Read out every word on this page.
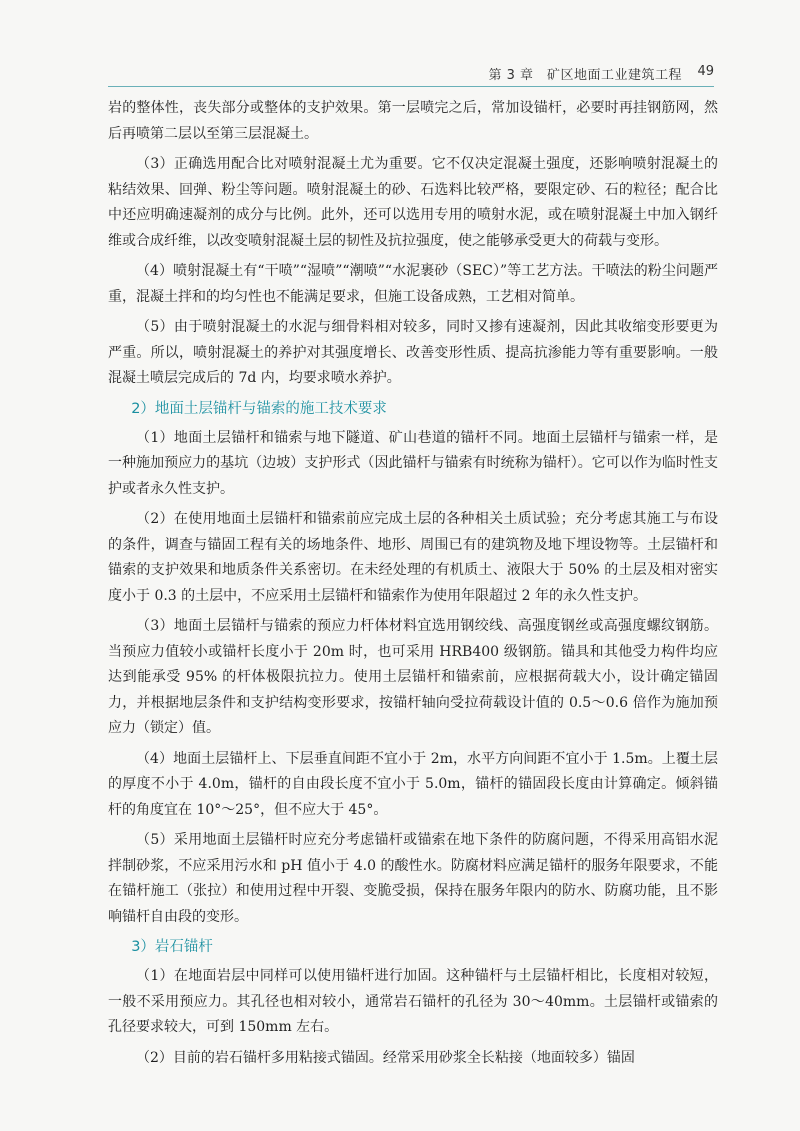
第 3 章　矿区地面工业建筑工程 49

岩的整体性，丧失部分或整体的支护效果。第一层喷完之后，常加设锚杆，必要时再挂钢筋网，然后再喷第二层以至第三层混凝土。

（3）正确选用配合比对喷射混凝土尤为重要。它不仅决定混凝土强度，还影响喷射混凝土的粘结效果、回弹、粉尘等问题。喷射混凝土的砂、石选料比较严格，要限定砂、石的粒径；配合比中还应明确速凝剂的成分与比例。此外，还可以选用专用的喷射水泥，或在喷射混凝土中加入钢纤维或合成纤维，以改变喷射混凝土层的韧性及抗拉强度，使之能够承受更大的荷载与变形。

（4）喷射混凝土有“干喷”“湿喷”“潮喷”“水泥裹砂（SEC）”等工艺方法。干喷法的粉尘问题严重，混凝土拌和的均匀性也不能满足要求，但施工设备成熟，工艺相对简单。

（5）由于喷射混凝土的水泥与细骨料相对较多，同时又掺有速凝剂，因此其收缩变形要更为严重。所以，喷射混凝土的养护对其强度增长、改善变形性质、提高抗渗能力等有重要影响。一般混凝土喷层完成后的 7d 内，均要求喷水养护。

2）地面土层锚杆与锚索的施工技术要求

（1）地面土层锚杆和锚索与地下隧道、矿山巷道的锚杆不同。地面土层锚杆与锚索一样，是一种施加预应力的基坑（边坡）支护形式（因此锚杆与锚索有时统称为锚杆）。它可以作为临时性支护或者永久性支护。

（2）在使用地面土层锚杆和锚索前应完成土层的各种相关土质试验；充分考虑其施工与布设的条件，调查与锚固工程有关的场地条件、地形、周围已有的建筑物及地下埋设物等。土层锚杆和锚索的支护效果和地质条件关系密切。在未经处理的有机质土、液限大于 50% 的土层及相对密实度小于 0.3 的土层中，不应采用土层锚杆和锚索作为使用年限超过 2 年的永久性支护。

（3）地面土层锚杆与锚索的预应力杆体材料宜选用钢绞线、高强度钢丝或高强度螺纹钢筋。当预应力值较小或锚杆长度小于 20m 时，也可采用 HRB400 级钢筋。锚具和其他受力构件均应达到能承受 95% 的杆体极限抗拉力。使用土层锚杆和锚索前，应根据荷载大小，设计确定锚固力，并根据地层条件和支护结构变形要求，按锚杆轴向受拉荷载设计值的 0.5～0.6 倍作为施加预应力（锁定）值。

（4）地面土层锚杆上、下层垂直间距不宜小于 2m，水平方向间距不宜小于 1.5m。上覆土层的厚度不小于 4.0m，锚杆的自由段长度不宜小于 5.0m，锚杆的锚固段长度由计算确定。倾斜锚杆的角度宜在 10°～25°，但不应大于 45°。

（5）采用地面土层锚杆时应充分考虑锚杆或锚索在地下条件的防腐问题，不得采用高铝水泥拌制砂浆，不应采用污水和 pH 值小于 4.0 的酸性水。防腐材料应满足锚杆的服务年限要求，不能在锚杆施工（张拉）和使用过程中开裂、变脆受损，保持在服务年限内的防水、防腐功能，且不影响锚杆自由段的变形。

3）岩石锚杆

（1）在地面岩层中同样可以使用锚杆进行加固。这种锚杆与土层锚杆相比，长度相对较短，一般不采用预应力。其孔径也相对较小，通常岩石锚杆的孔径为 30～40mm。土层锚杆或锚索的孔径要求较大，可到 150mm 左右。

（2）目前的岩石锚杆多用粘接式锚固。经常采用砂浆全长粘接（地面较多）锚固
